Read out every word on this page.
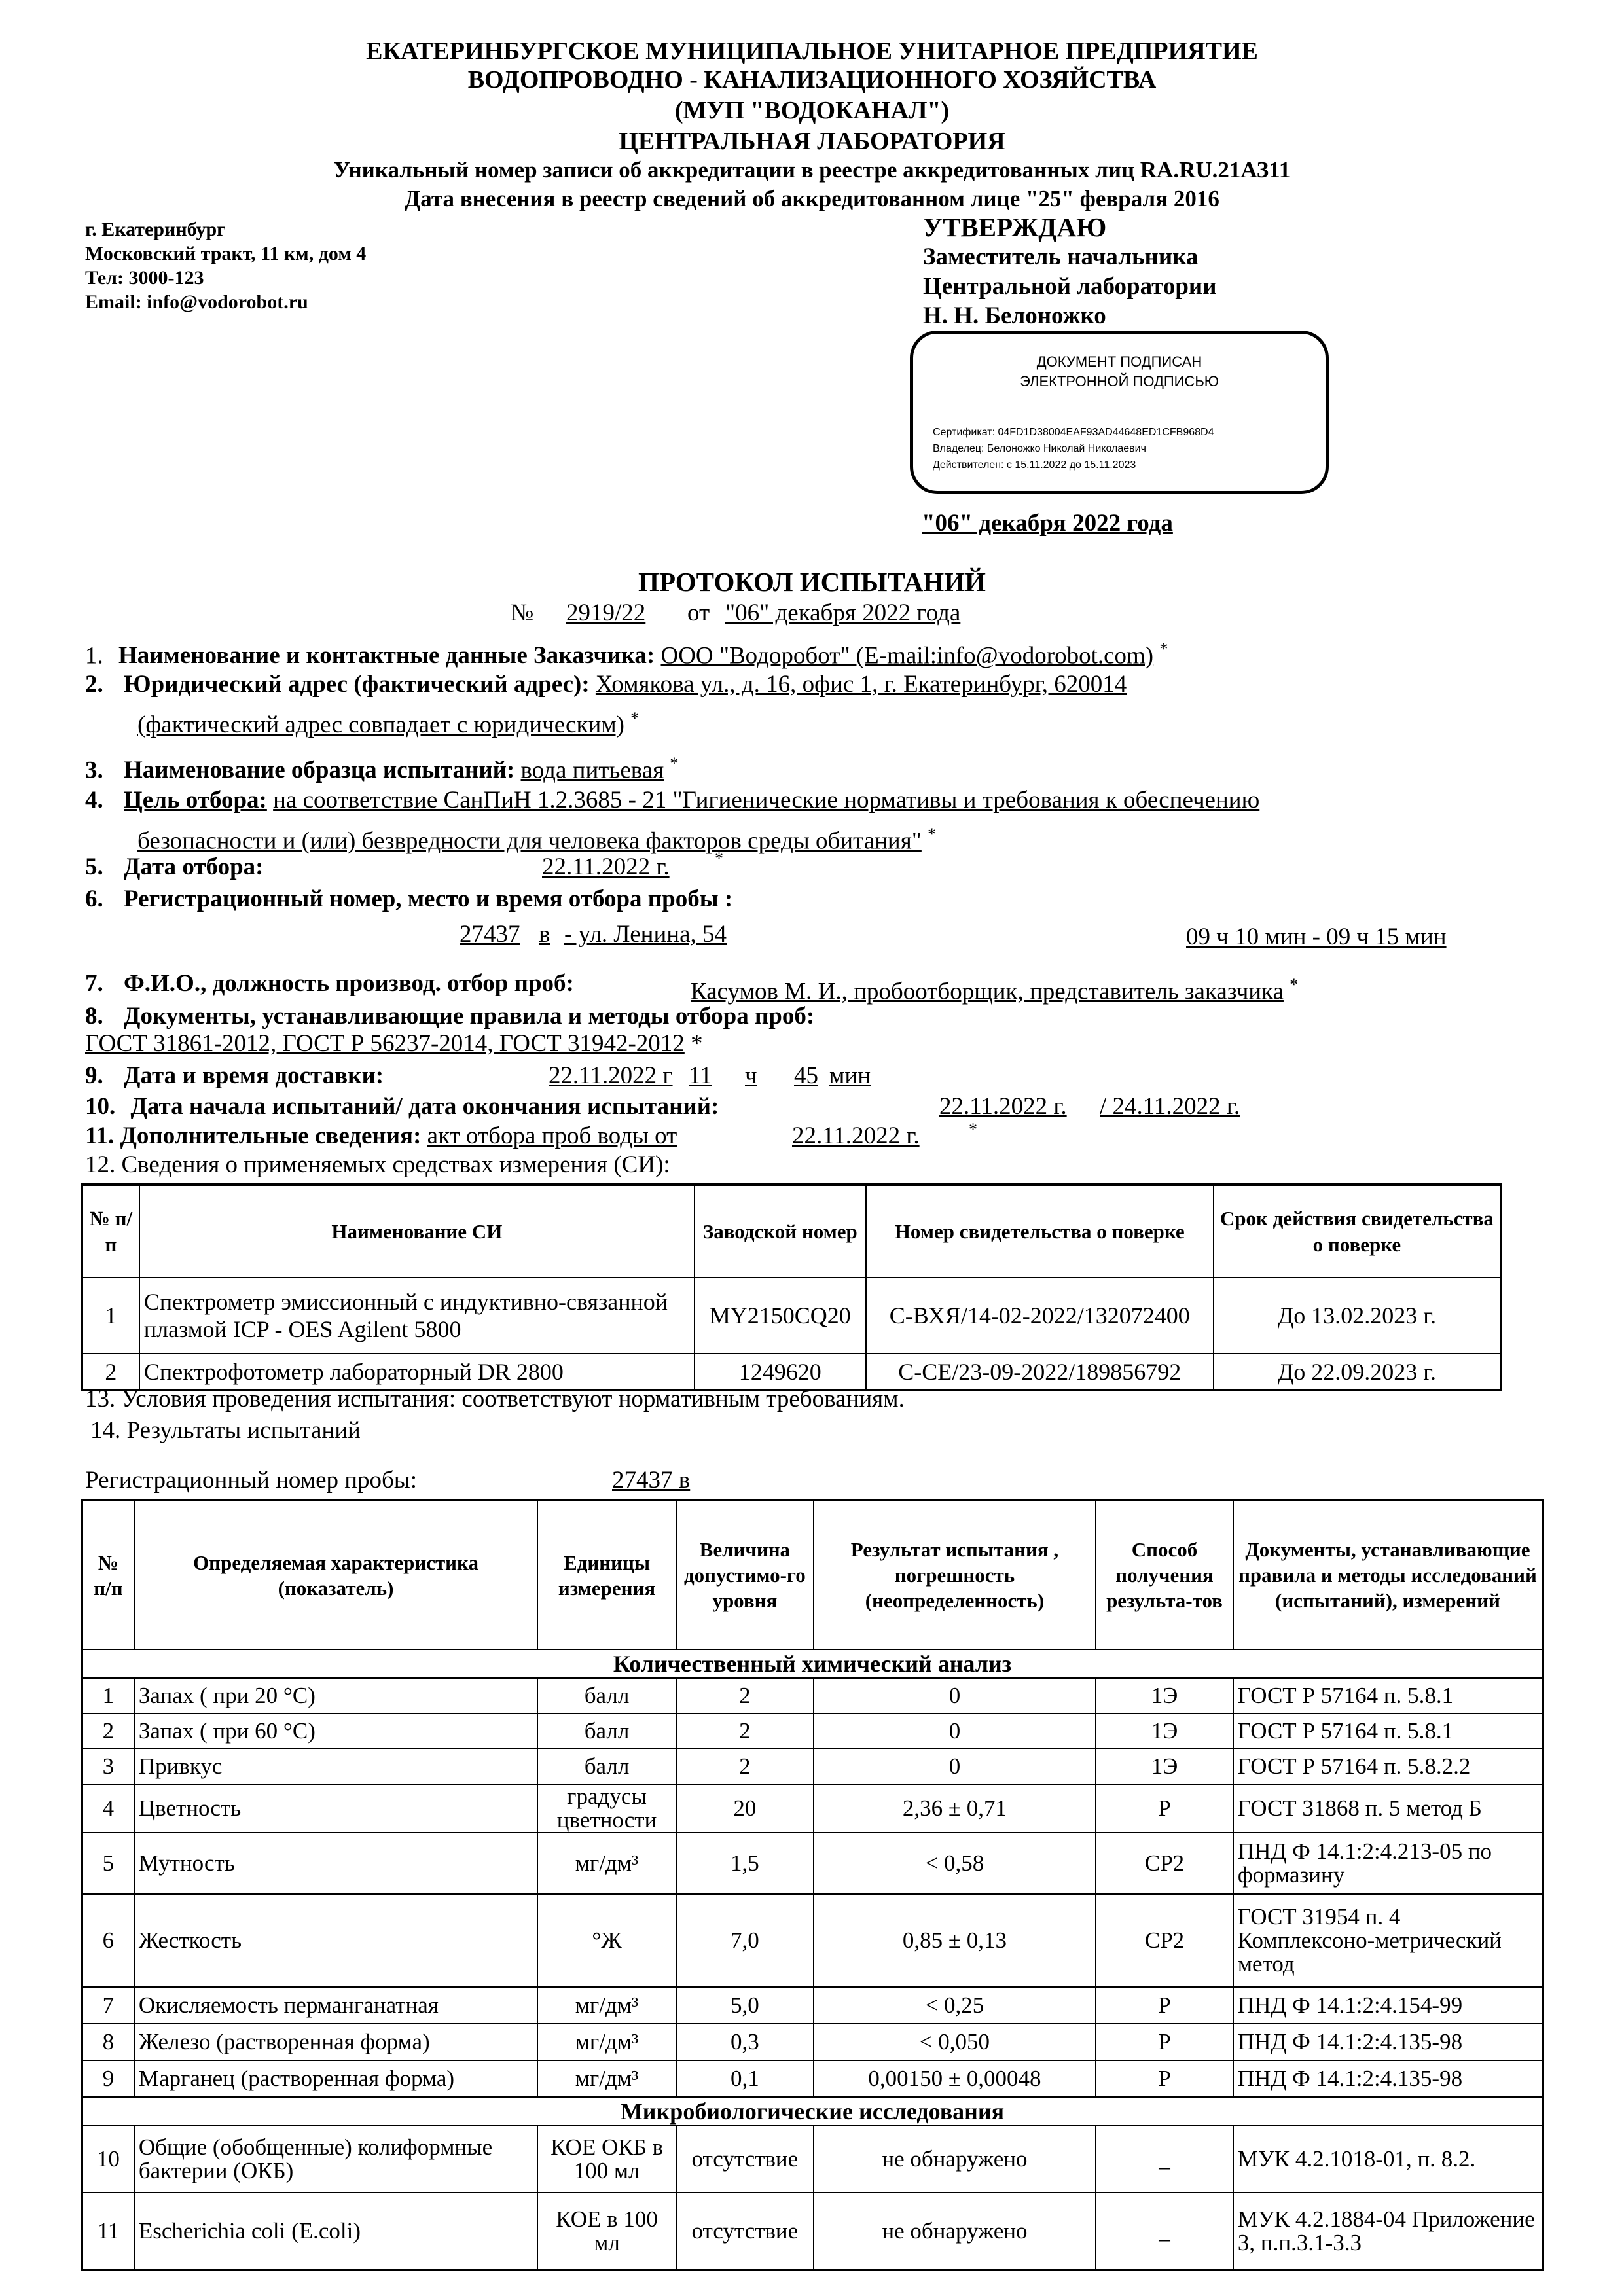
ЕКАТЕРИНБУРГСКОЕ МУНИЦИПАЛЬНОЕ УНИТАРНОЕ ПРЕДПРИЯТИЕ
ВОДОПРОВОДНО - КАНАЛИЗАЦИОННОГО ХОЗЯЙСТВА
(МУП "ВОДОКАНАЛ")
ЦЕНТРАЛЬНАЯ ЛАБОРАТОРИЯ
Уникальный номер записи об аккредитации в реестре аккредитованных лиц RA.RU.21АЗ11
Дата внесения в реестр сведений об аккредитованном лице "25" февраля 2016
г. Екатеринбург
Московский тракт, 11 км, дом 4
Тел: 3000-123
Email: info@vodorobot.ru
УТВЕРЖДАЮ
Заместитель начальника
Центральной лаборатории
Н. Н. Белоножко
ДОКУМЕНТ ПОДПИСАН
ЭЛЕКТРОННОЙ ПОДПИСЬЮ
Сертификат: 04FD1D38004EAF93AD44648ED1CFB968D4
Владелец: Белоножко Николай Николаевич
Действителен: с 15.11.2022 до 15.11.2023
"06" декабря 2022 года
ПРОТОКОЛ ИСПЫТАНИЙ
№ 2919/22 от "06" декабря 2022 года
1. Наименование и контактные данные Заказчика: ООО "Водоробот" (E-mail:info@vodorobot.com) *
2. Юридический адрес (фактический адрес): Хомякова ул., д. 16, офис 1, г. Екатеринбург, 620014
(фактический адрес совпадает с юридическим) *
3. Наименование образца испытаний: вода питьевая *
4. Цель отбора: на соответствие СанПиН 1.2.3685 - 21 "Гигиенические нормативы и требования к обеспечению
безопасности и (или) безвредности для человека факторов среды обитания" *
5. Дата отбора:	22.11.2022 г.	*
6. Регистрационный номер, место и время отбора пробы :
27437 в - ул. Ленина, 54	09 ч 10 мин - 09 ч 15 мин
7. Ф.И.О., должность производ. отбор проб:	Касумов М. И., пробоотборщик, представитель заказчика *
8. Документы, устанавливающие правила и методы отбора проб:
ГОСТ 31861-2012, ГОСТ Р 56237-2014, ГОСТ 31942-2012 *
9. Дата и время доставки:	22.11.2022 г 11 ч 45 мин
10. Дата начала испытаний/ дата окончания испытаний:	22.11.2022 г. / 24.11.2022 г.
11. Дополнительные сведения: акт отбора проб воды от	22.11.2022 г.	*
12. Сведения о применяемых средствах измерения (СИ):
№ п/п	Наименование СИ	Заводской номер	Номер свидетельства о поверке	Срок действия свидетельства о поверке
1	Спектрометр эмиссионный с индуктивно-связанной плазмой ICP - OES Agilent 5800	MY2150CQ20	С-ВХЯ/14-02-2022/132072400	До 13.02.2023 г.
2	Спектрофотометр лабораторный DR 2800	1249620	С-СЕ/23-09-2022/189856792	До 22.09.2023 г.
13. Условия проведения испытания: соответствуют нормативным требованиям.
14. Результаты испытаний
Регистрационный номер пробы:	27437 в
№ п/п	Определяемая характеристика (показатель)	Единицы измерения	Величина допустимо-го уровня	Результат испытания , погрешность (неопределенность)	Способ получения результа-тов	Документы, устанавливающие правила и методы исследований (испытаний), измерений
Количественный химический анализ						
1	Запах ( при 20 °С)	балл	2	0	1Э	ГОСТ Р 57164 п. 5.8.1
2	Запах ( при 60 °С)	балл	2	0	1Э	ГОСТ Р 57164 п. 5.8.1
3	Привкус	балл	2	0	1Э	ГОСТ Р 57164 п. 5.8.2.2
4	Цветность	градусы цветности	20	2,36 ± 0,71	Р	ГОСТ 31868 п. 5 метод Б
5	Мутность	мг/дм³	1,5	< 0,58	СР2	ПНД Ф 14.1:2:4.213-05 по формазину
6	Жесткость	°Ж	7,0	0,85 ± 0,13	СР2	ГОСТ 31954 п. 4 Комплексоно-метрический метод
7	Окисляемость перманганатная	мг/дм³	5,0	< 0,25	Р	ПНД Ф 14.1:2:4.154-99
8	Железо (растворенная форма)	мг/дм³	0,3	< 0,050	Р	ПНД Ф 14.1:2:4.135-98
9	Марганец (растворенная форма)	мг/дм³	0,1	0,00150 ± 0,00048	Р	ПНД Ф 14.1:2:4.135-98
Микробиологические исследования						
10	Общие (обобщенные) колиформные бактерии (ОКБ)	КОЕ ОКБ в 100 мл	отсутствие	не обнаружено	_	МУК 4.2.1018-01, п. 8.2.
11	Escherichia coli (E.coli)	КОЕ в 100 мл	отсутствие	не обнаружено	_	МУК 4.2.1884-04 Приложение 3, п.п.3.1-3.3
